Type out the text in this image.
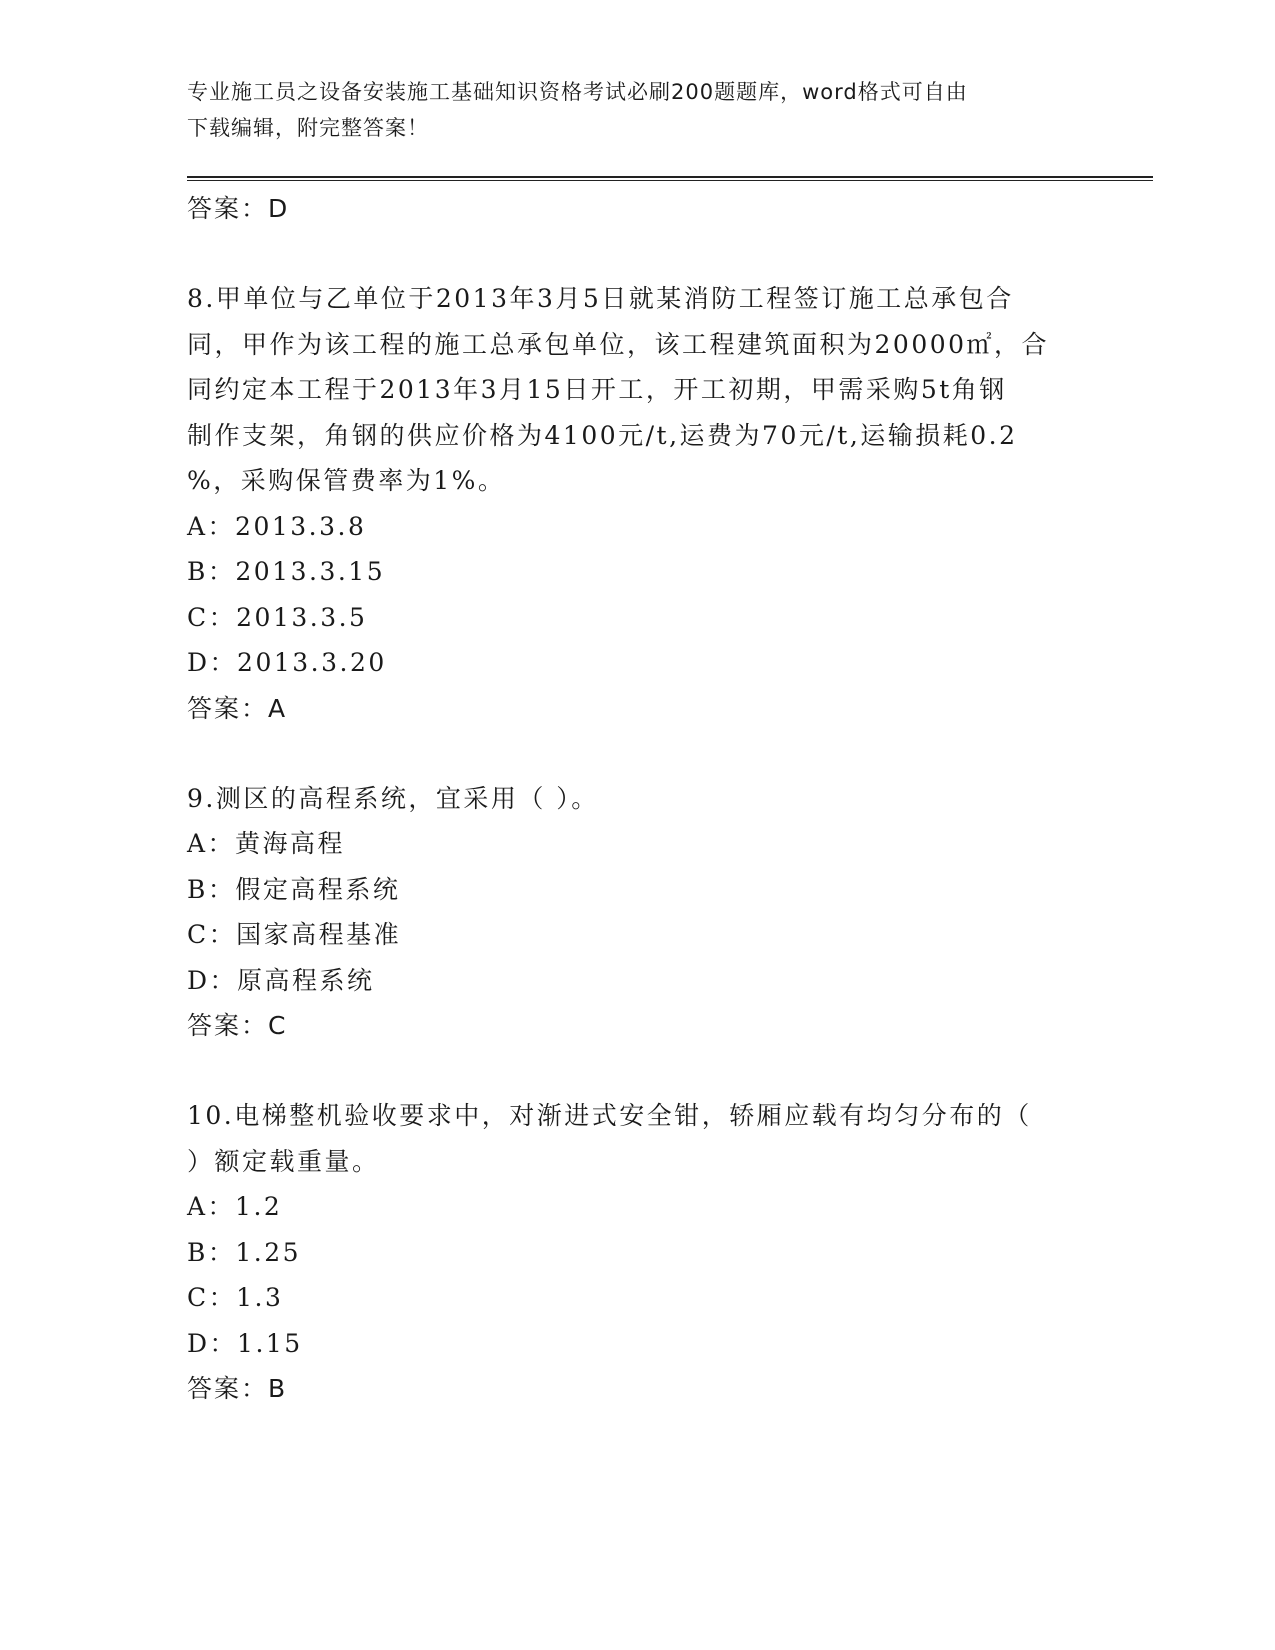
专业施工员之设备安装施工基础知识资格考试必刷200题题库，word格式可自由
下载编辑，附完整答案！
答案：D
8.甲单位与乙单位于2013年3月5日就某消防工程签订施工总承包合
同，甲作为该工程的施工总承包单位，该工程建筑面积为20000㎡，合
同约定本工程于2013年3月15日开工，开工初期，甲需采购5t角钢
制作支架，角钢的供应价格为4100元/t,运费为70元/t,运输损耗0.2
%，采购保管费率为1%。
A：2013.3.8
B：2013.3.15
C：2013.3.5
D：2013.3.20
答案：A
9.测区的高程系统，宜采用（ ）。
A：黄海高程
B：假定高程系统
C：国家高程基准
D：原高程系统
答案：C
10.电梯整机验收要求中，对渐进式安全钳，轿厢应载有均匀分布的（
）额定载重量。
A：1.2
B：1.25
C：1.3
D：1.15
答案：B
